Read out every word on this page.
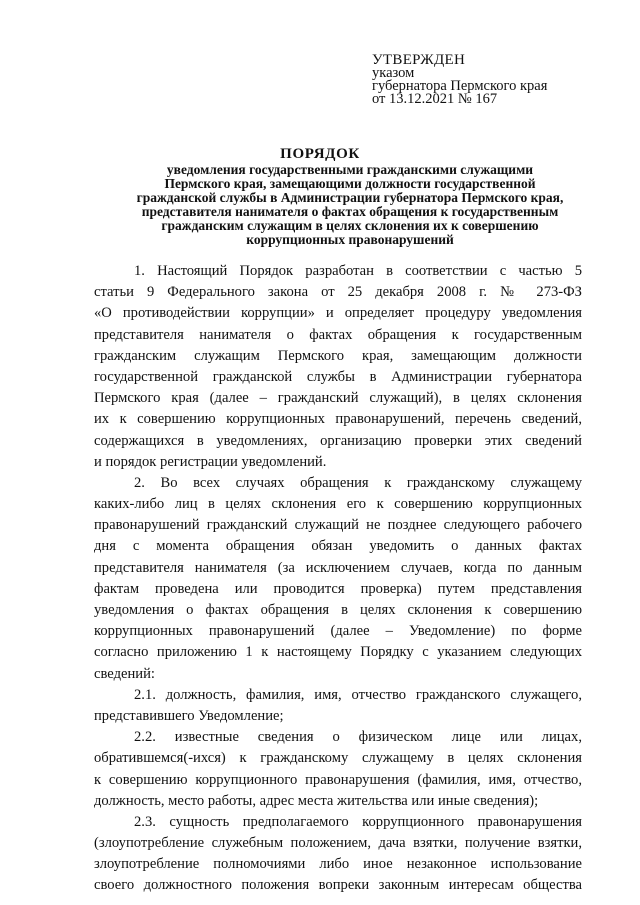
УТВЕРЖДЕН
указом
губернатора Пермского края
от 13.12.2021 № 167
ПОРЯДОК
уведомления государственными гражданскими служащими
Пермского края, замещающими должности государственной
гражданской службы в Администрации губернатора Пермского края,
представителя нанимателя о фактах обращения к государственным
гражданским служащим в целях склонения их к совершению
коррупционных правонарушений
1. Настоящий Порядок разработан в соответствии с частью 5
статьи 9 Федерального закона от 25 декабря 2008 г. № 273-ФЗ
«О противодействии коррупции» и определяет процедуру уведомления
представителя нанимателя о фактах обращения к государственным
гражданским служащим Пермского края, замещающим должности
государственной гражданской службы в Администрации губернатора
Пермского края (далее – гражданский служащий), в целях склонения
их к совершению коррупционных правонарушений, перечень сведений,
содержащихся в уведомлениях, организацию проверки этих сведений
и порядок регистрации уведомлений.
2. Во всех случаях обращения к гражданскому служащему
каких-либо лиц в целях склонения его к совершению коррупционных
правонарушений гражданский служащий не позднее следующего рабочего
дня с момента обращения обязан уведомить о данных фактах
представителя нанимателя (за исключением случаев, когда по данным
фактам проведена или проводится проверка) путем представления
уведомления о фактах обращения в целях склонения к совершению
коррупционных правонарушений (далее – Уведомление) по форме
согласно приложению 1 к настоящему Порядку с указанием следующих
сведений:
2.1. должность, фамилия, имя, отчество гражданского служащего,
представившего Уведомление;
2.2. известные сведения о физическом лице или лицах,
обратившемся(-ихся) к гражданскому служащему в целях склонения
к совершению коррупционного правонарушения (фамилия, имя, отчество,
должность, место работы, адрес места жительства или иные сведения);
2.3. сущность предполагаемого коррупционного правонарушения
(злоупотребление служебным положением, дача взятки, получение взятки,
злоупотребление полномочиями либо иное незаконное использование
своего должностного положения вопреки законным интересам общества
